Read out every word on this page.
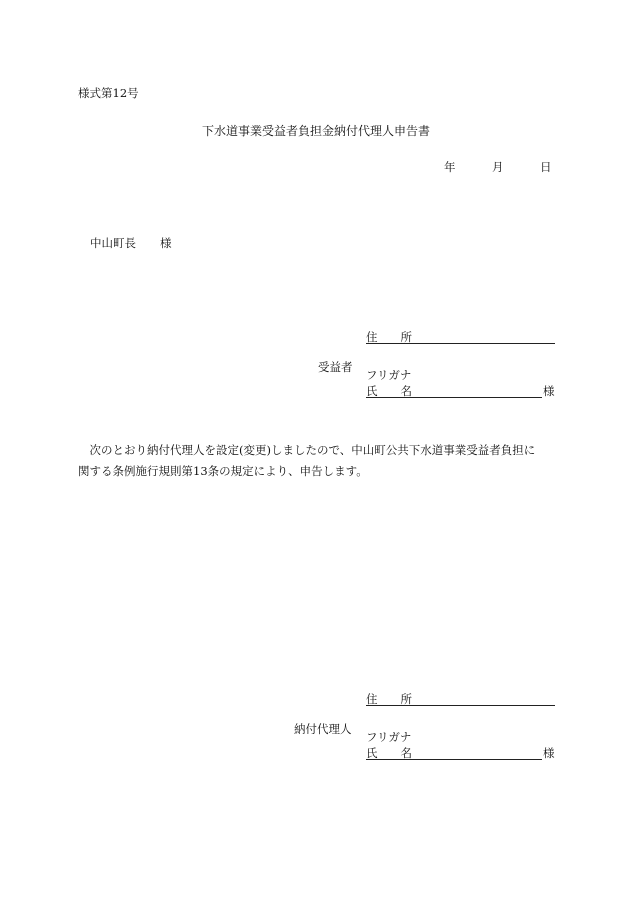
様式第12号
下水道事業受益者負担金納付代理人申告書
年	月	日
中山町長 様
住　　所
受益者
フリガナ
氏　　名	様
　次のとおり納付代理人を設定(変更)しましたので、中山町公共下水道事業受益者負担に
関する条例施行規則第13条の規定により、申告します。
住　　所
納付代理人
フリガナ
氏　　名	様
